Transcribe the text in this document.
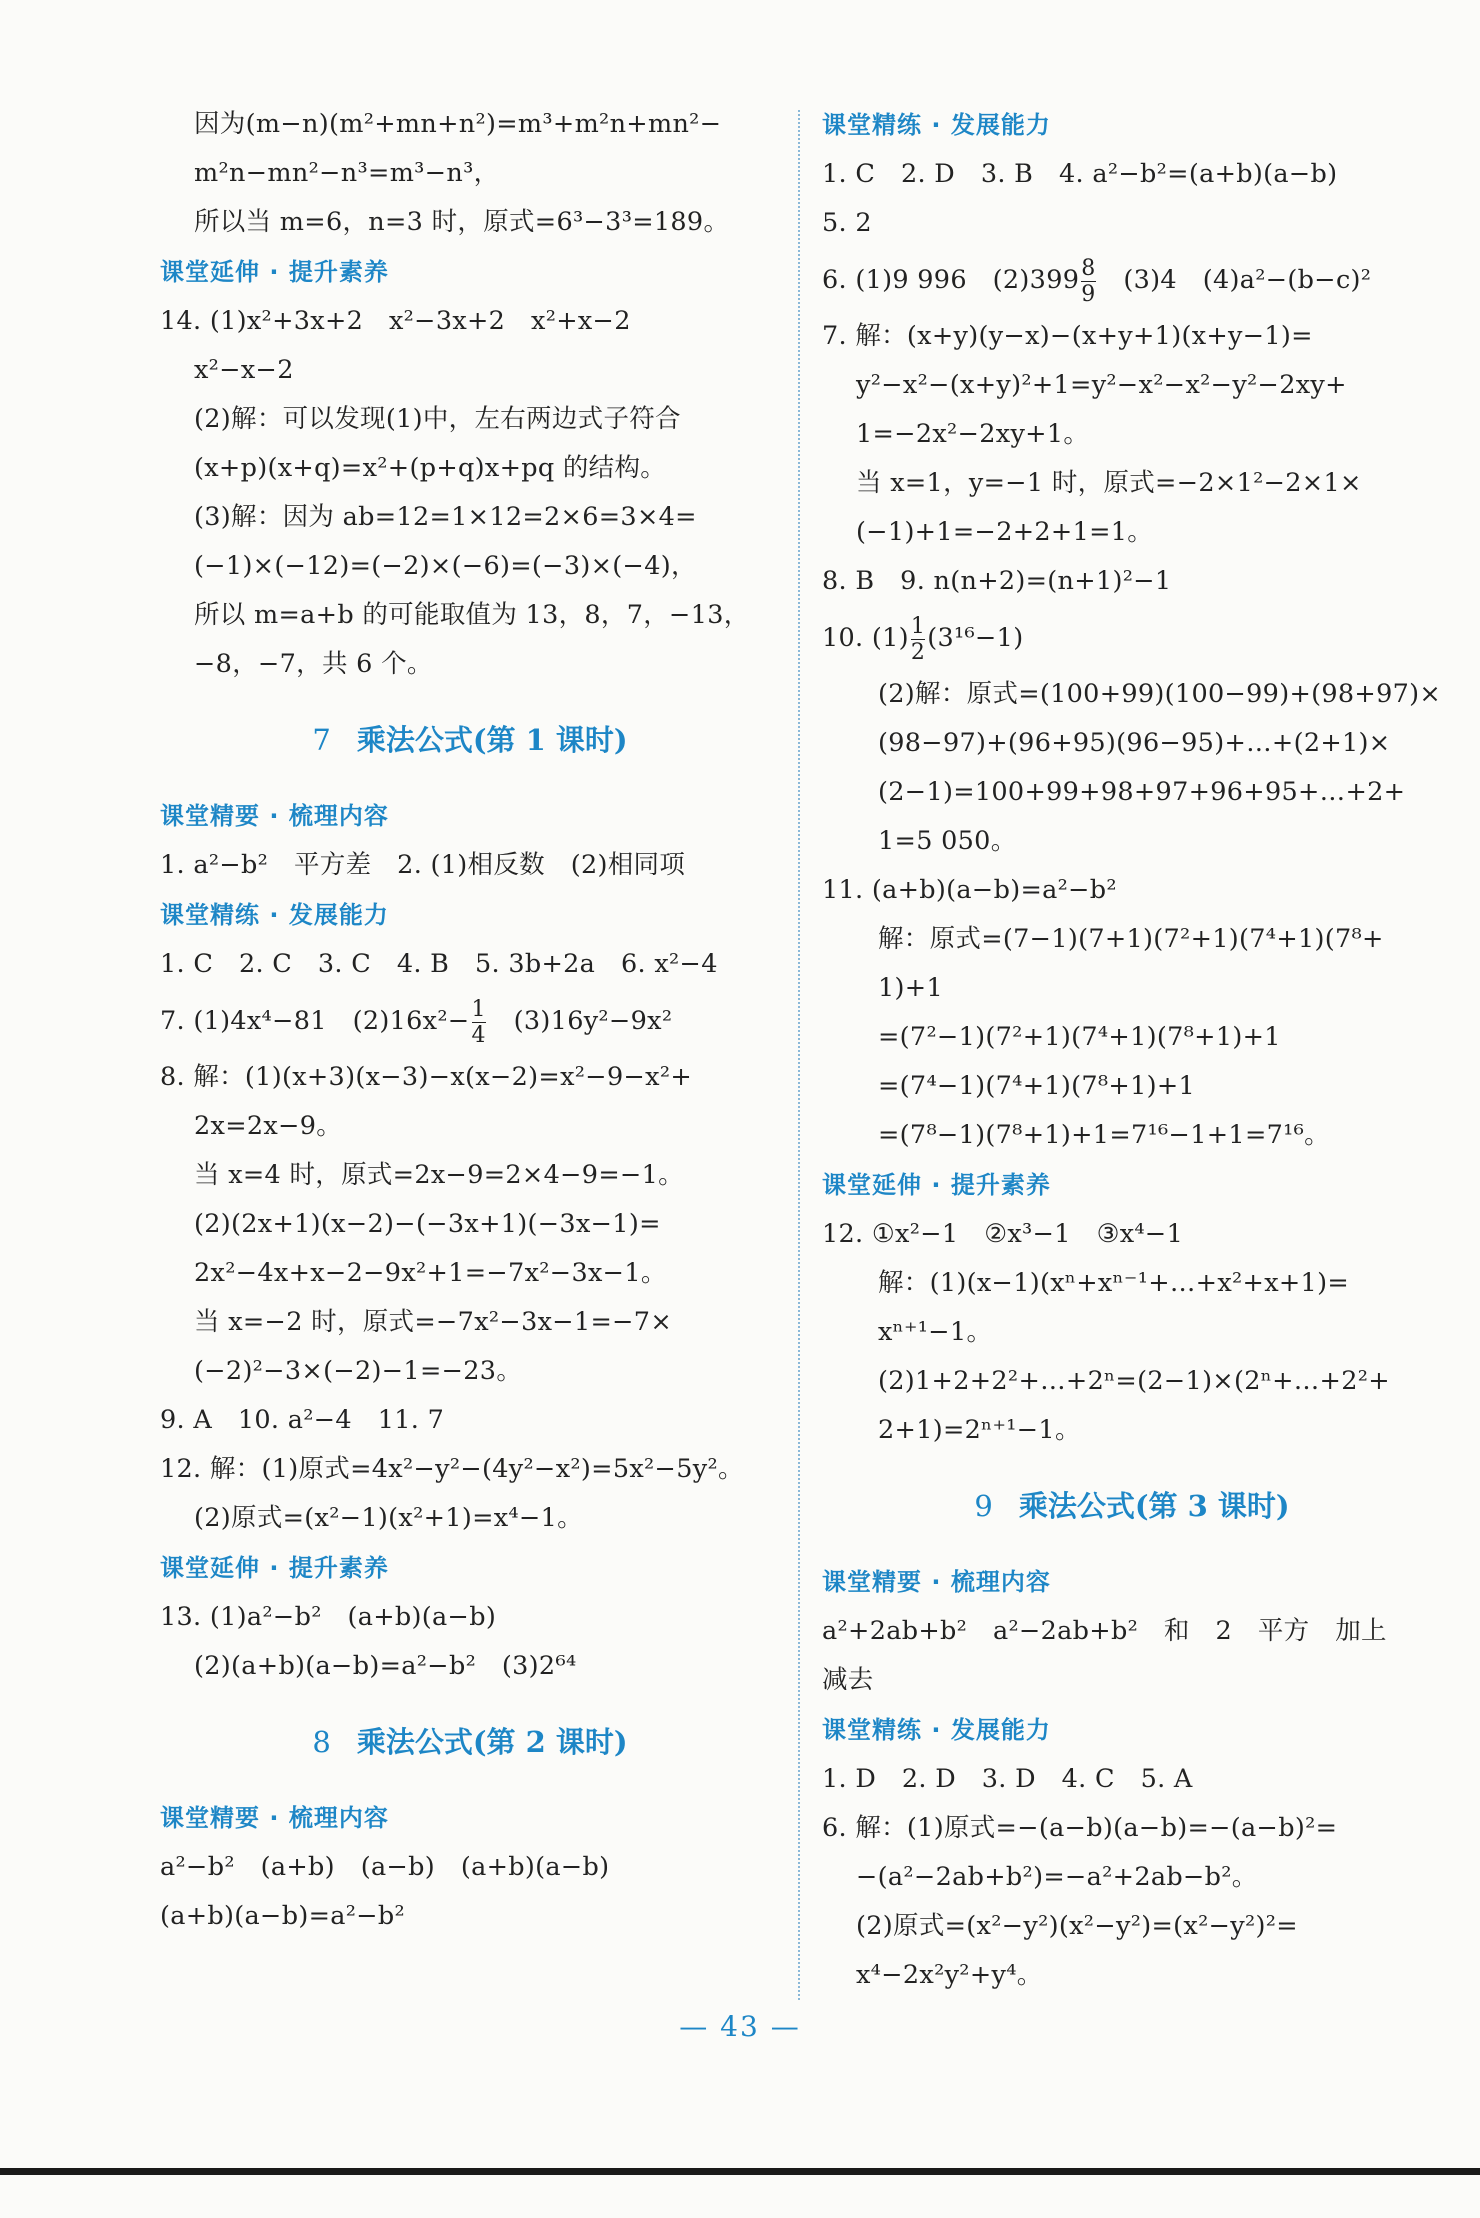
因为(m−n)(m²+mn+n²)=m³+m²n+mn²−
m²n−mn²−n³=m³−n³，
所以当 m=6，n=3 时，原式=6³−3³=189。
课堂延伸 · 提升素养
14. (1)x²+3x+2　x²−3x+2　x²+x−2
x²−x−2
(2)解：可以发现(1)中，左右两边式子符合
(x+p)(x+q)=x²+(p+q)x+pq 的结构。
(3)解：因为 ab=12=1×12=2×6=3×4=
(−1)×(−12)=(−2)×(−6)=(−3)×(−4)，
所以 m=a+b 的可能取值为 13，8，7，−13，
−8，−7，共 6 个。
7 乘法公式(第 1 课时)
课堂精要 · 梳理内容
1. a²−b²　平方差　2. (1)相反数　(2)相同项
课堂精练 · 发展能力
1. C　2. C　3. C　4. B　5. 3b+2a　6. x²−4
7. (1)4x⁴−81　$(2)16x^2- \frac{1}{4}$ 　(3)16y²−9x²
8. 解：(1)(x+3)(x−3)−x(x−2)=x²−9−x²+
2x=2x−9。
当 x=4 时，原式=2x−9=2×4−9=−1。
(2)(2x+1)(x−2)−(−3x+1)(−3x−1)=
2x²−4x+x−2−9x²+1=−7x²−3x−1。
当 x=−2 时，原式=−7x²−3x−1=−7×
(−2)²−3×(−2)−1=−23。
9. A　10. a²−4　11. 7
12. 解：(1)原式=4x²−y²−(4y²−x²)=5x²−5y²。
(2)原式=(x²−1)(x²+1)=x⁴−1。
课堂延伸 · 提升素养
13. (1)a²−b²　(a+b)(a−b)
(2)(a+b)(a−b)=a²−b²　(3)2⁶⁴
8 乘法公式(第 2 课时)
课堂精要 · 梳理内容
a²−b²　(a+b)　(a−b)　(a+b)(a−b)
(a+b)(a−b)=a²−b²
课堂精练 · 发展能力
1. C　2. D　3. B　4. a²−b²=(a+b)(a−b)
5. 2
6. (1)9 996　$(2)399 \frac{8}{9}$ 　(3)4　(4)a²−(b−c)²
7. 解：(x+y)(y−x)−(x+y+1)(x+y−1)=
y²−x²−(x+y)²+1=y²−x²−x²−y²−2xy+
1=−2x²−2xy+1。
当 x=1，y=−1 时，原式=−2×1²−2×1×
(−1)+1=−2+2+1=1。
8. B　9. n(n+2)=(n+1)²−1
10. $(1) \frac{1}{2} (3^{16}-1)$
(2)解：原式=(100+99)(100−99)+(98+97)×
(98−97)+(96+95)(96−95)+…+(2+1)×
(2−1)=100+99+98+97+96+95+…+2+
1=5 050。
11. (a+b)(a−b)=a²−b²
解：原式=(7−1)(7+1)(7²+1)(7⁴+1)(7⁸+
1)+1
=(7²−1)(7²+1)(7⁴+1)(7⁸+1)+1
=(7⁴−1)(7⁴+1)(7⁸+1)+1
=(7⁸−1)(7⁸+1)+1=7¹⁶−1+1=7¹⁶。
课堂延伸 · 提升素养
12. ①x²−1　②x³−1　③x⁴−1
解：(1)(x−1)(xⁿ+xⁿ⁻¹+…+x²+x+1)=
xⁿ⁺¹−1。
(2)1+2+2²+…+2ⁿ=(2−1)×(2ⁿ+…+2²+
2+1)=2ⁿ⁺¹−1。
9 乘法公式(第 3 课时)
课堂精要 · 梳理内容
a²+2ab+b²　a²−2ab+b²　和　2　平方　加上
减去
课堂精练 · 发展能力
1. D　2. D　3. D　4. C　5. A
6. 解：(1)原式=−(a−b)(a−b)=−(a−b)²=
−(a²−2ab+b²)=−a²+2ab−b²。
(2)原式=(x²−y²)(x²−y²)=(x²−y²)²=
x⁴−2x²y²+y⁴。
— 43 —
